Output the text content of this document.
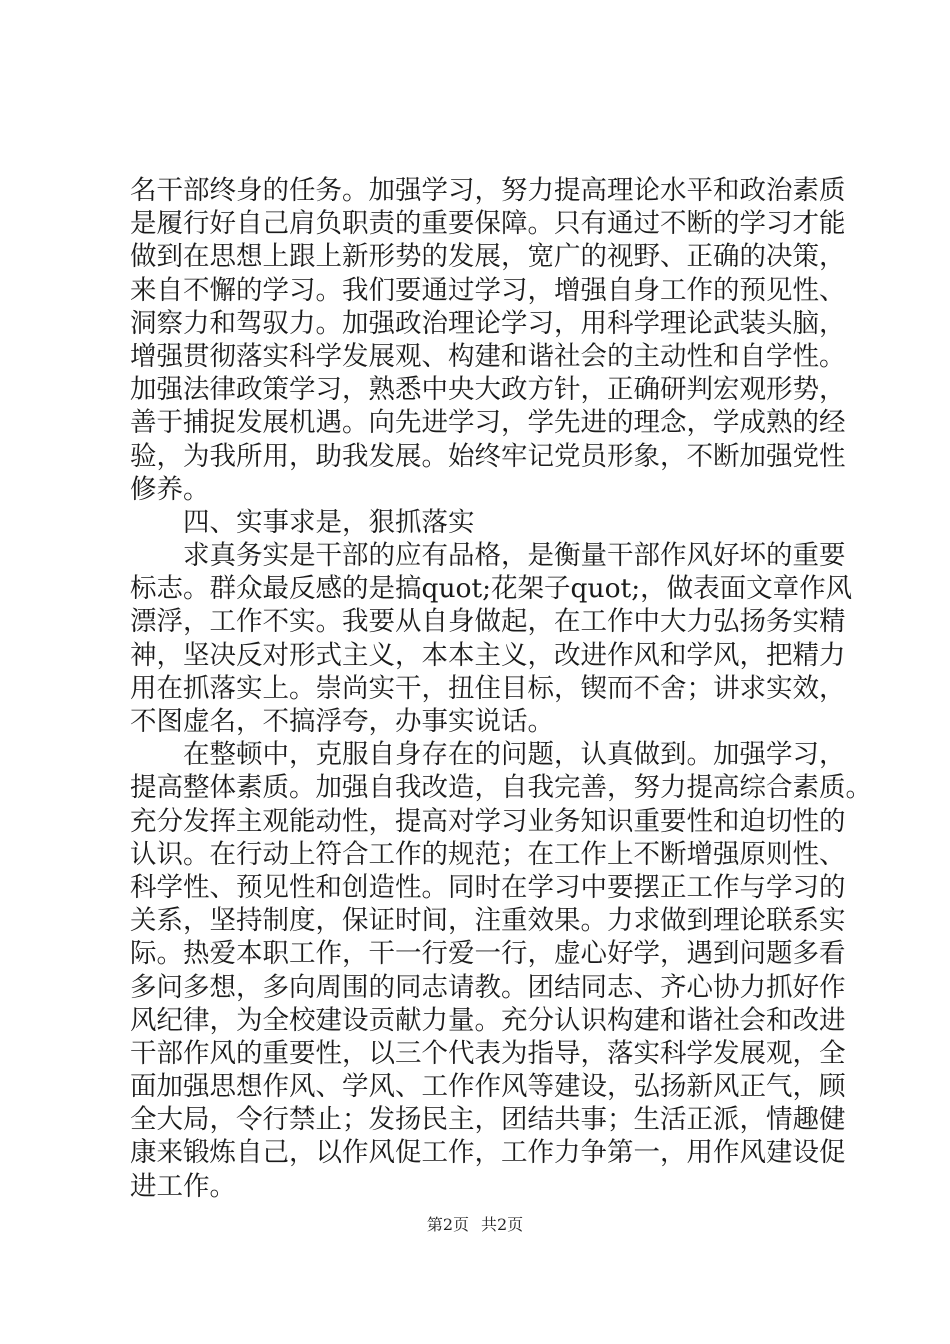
名干部终身的任务。加强学习，努力提高理论水平和政治素质
是履行好自己肩负职责的重要保障。只有通过不断的学习才能
做到在思想上跟上新形势的发展，宽广的视野、正确的决策，
来自不懈的学习。我们要通过学习，增强自身工作的预见性、
洞察力和驾驭力。加强政治理论学习，用科学理论武装头脑，
增强贯彻落实科学发展观、构建和谐社会的主动性和自学性。
加强法律政策学习，熟悉中央大政方针，正确研判宏观形势，
善于捕捉发展机遇。向先进学习，学先进的理念，学成熟的经
验，为我所用，助我发展。始终牢记党员形象，不断加强党性
修养。
四、实事求是，狠抓落实
求真务实是干部的应有品格，是衡量干部作风好坏的重要
标志。群众最反感的是搞quot;花架子quot;，做表面文章作风
漂浮，工作不实。我要从自身做起，在工作中大力弘扬务实精
神，坚决反对形式主义，本本主义，改进作风和学风，把精力
用在抓落实上。崇尚实干，扭住目标，锲而不舍；讲求实效，
不图虚名，不搞浮夸，办事实说话。
在整顿中，克服自身存在的问题，认真做到。加强学习，
提高整体素质。加强自我改造，自我完善，努力提高综合素质。
充分发挥主观能动性，提高对学习业务知识重要性和迫切性的
认识。在行动上符合工作的规范；在工作上不断增强原则性、
科学性、预见性和创造性。同时在学习中要摆正工作与学习的
关系，坚持制度，保证时间，注重效果。力求做到理论联系实
际。热爱本职工作，干一行爱一行，虚心好学，遇到问题多看
多问多想，多向周围的同志请教。团结同志、齐心协力抓好作
风纪律，为全校建设贡献力量。充分认识构建和谐社会和改进
干部作风的重要性，以三个代表为指导，落实科学发展观，全
面加强思想作风、学风、工作作风等建设，弘扬新风正气，顾
全大局，令行禁止；发扬民主，团结共事；生活正派，情趣健
康来锻炼自己，以作风促工作，工作力争第一，用作风建设促
进工作。
第2页 共2页
